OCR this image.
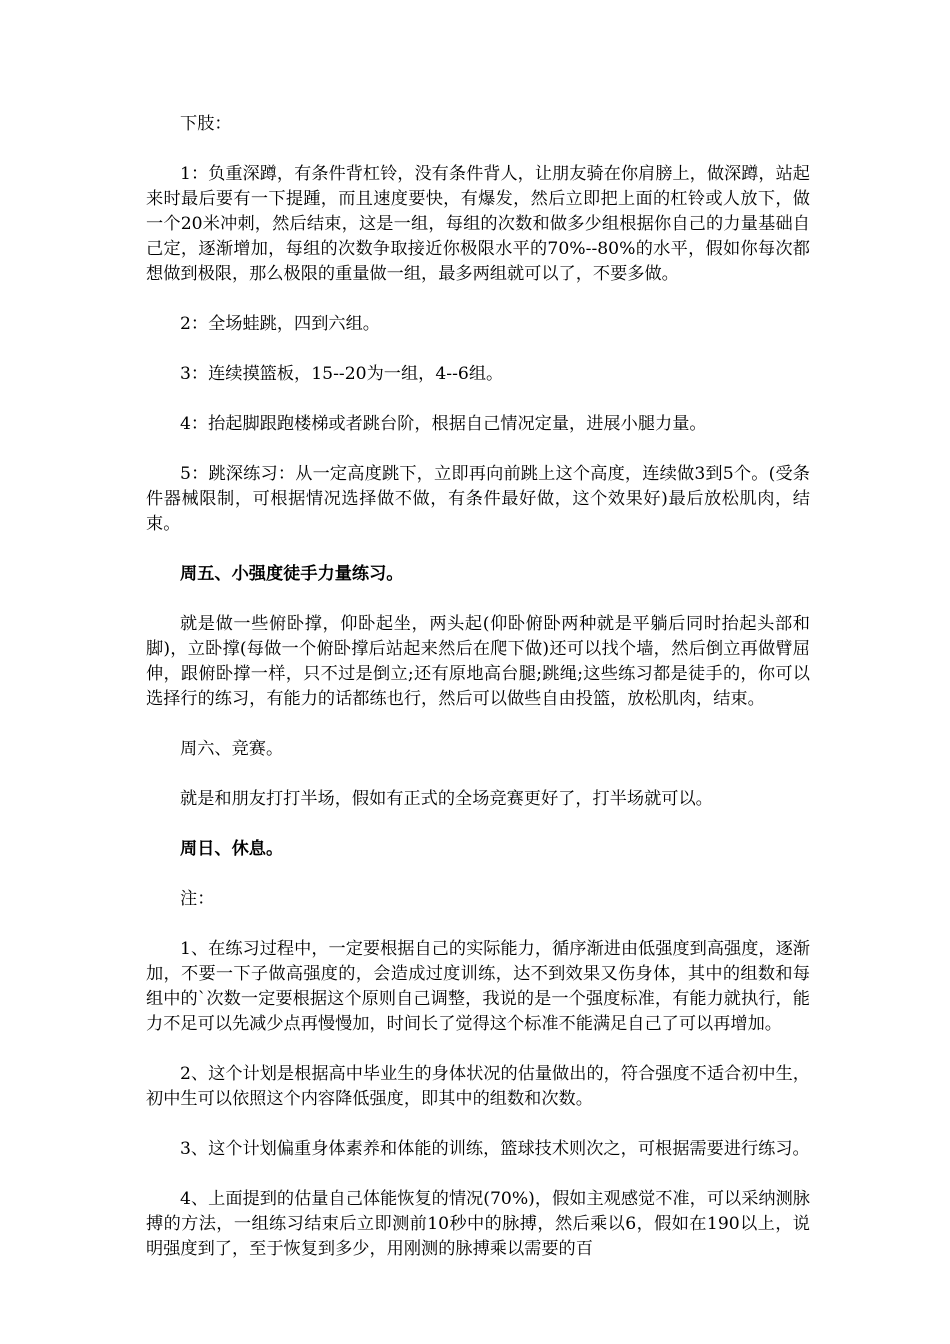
下肢：

1：负重深蹲，有条件背杠铃，没有条件背人，让朋友骑在你肩膀上，做深蹲，站起来时最后要有一下提踵，而且速度要快，有爆发，然后立即把上面的杠铃或人放下，做一个20米冲刺，然后结束，这是一组，每组的次数和做多少组根据你自己的力量基础自己定，逐渐增加，每组的次数争取接近你极限水平的70%--80%的水平，假如你每次都想做到极限，那么极限的重量做一组，最多两组就可以了，不要多做。

2：全场蛙跳，四到六组。

3：连续摸篮板，15--20为一组，4--6组。

4：抬起脚跟跑楼梯或者跳台阶，根据自己情况定量，进展小腿力量。

5：跳深练习：从一定高度跳下，立即再向前跳上这个高度，连续做3到5个。(受条件器械限制，可根据情况选择做不做，有条件最好做，这个效果好)最后放松肌肉，结束。

周五、小强度徒手力量练习。

就是做一些俯卧撑，仰卧起坐，两头起(仰卧俯卧两种就是平躺后同时抬起头部和脚)，立卧撑(每做一个俯卧撑后站起来然后在爬下做)还可以找个墙，然后倒立再做臂屈伸，跟俯卧撑一样，只不过是倒立;还有原地高台腿;跳绳;这些练习都是徒手的，你可以选择行的练习，有能力的话都练也行，然后可以做些自由投篮，放松肌肉，结束。

周六、竞赛。

就是和朋友打打半场，假如有正式的全场竞赛更好了，打半场就可以。

周日、休息。

注：

1、在练习过程中，一定要根据自己的实际能力，循序渐进由低强度到高强度，逐渐加，不要一下子做高强度的，会造成过度训练，达不到效果又伤身体，其中的组数和每组中的`次数一定要根据这个原则自己调整，我说的是一个强度标准，有能力就执行，能力不足可以先减少点再慢慢加，时间长了觉得这个标准不能满足自己了可以再增加。

2、这个计划是根据高中毕业生的身体状况的估量做出的，符合强度不适合初中生，初中生可以依照这个内容降低强度，即其中的组数和次数。

3、这个计划偏重身体素养和体能的训练，篮球技术则次之，可根据需要进行练习。

4、上面提到的估量自己体能恢复的情况(70%)，假如主观感觉不准，可以采纳测脉搏的方法，一组练习结束后立即测前10秒中的脉搏，然后乘以6，假如在190以上，说明强度到了，至于恢复到多少，用刚测的脉搏乘以需要的百
